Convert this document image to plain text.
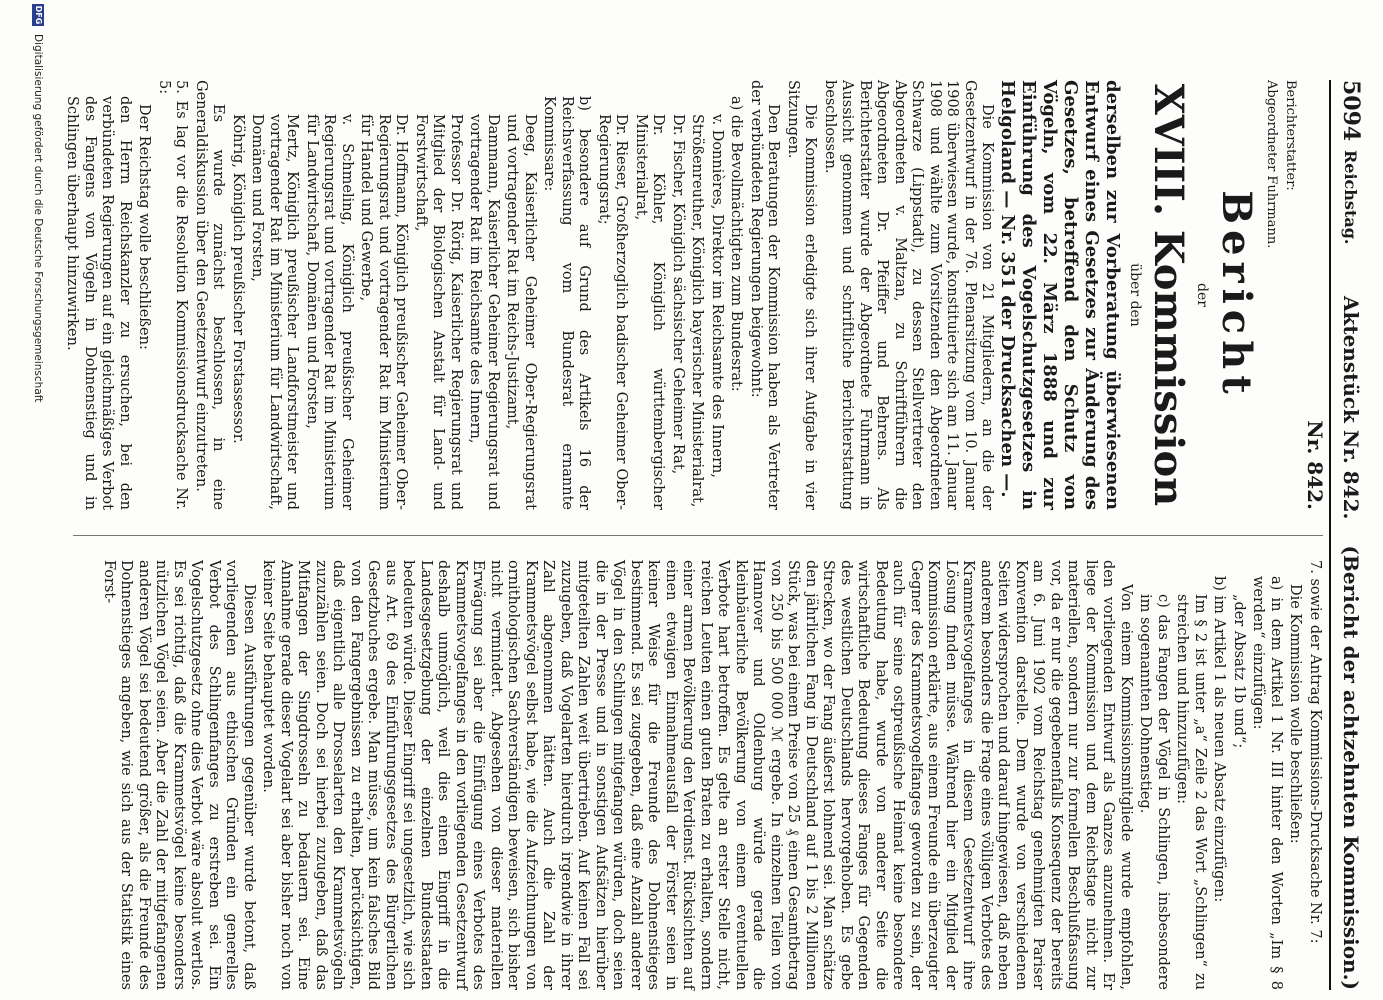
5094
Reichstag.
Aktenstück Nr. 842.
(Bericht der achtzehnten Kommission.)

Nr. 842.

Berichterstatter:

Abgeordneter Fuhrmann.

Bericht

der

XVIII. Kommission

über den

derselben zur Vorberatung überwiesenen Entwurf eines Gesetzes zur Änderung des Gesetzes, betreffend den Schutz von Vögeln, vom 22. März 1888 und zur Einführung des Vogelschutzgesetzes in Helgoland — Nr. 351 der Drucksachen —.

Die Kommission von 21 Mitgliedern, an die der Gesetzentwurf in der 76. Plenarsitzung vom 10. Januar 1908 überwiesen wurde, konstituierte sich am 11. Januar 1908 und wählte zum Vorsitzenden den Abgeordneten Schwarze (Lippstadt), zu dessen Stellvertreter den Abgeordneten v. Maltzan, zu Schriftführern die Abgeordneten Dr. Pfeiffer und Behrens. Als Berichterstatter wurde der Abgeordnete Fuhrmann in Aussicht genommen und schriftliche Berichterstattung beschlossen.

Die Kommission erledigte sich ihrer Aufgabe in vier Sitzungen.

Den Beratungen der Kommission haben als Vertreter der verbündeten Regierungen beigewohnt:

a) die Bevollmächtigten zum Bundesrat:

v. Donnières, Direktor im Reichsamte des Innern,

Strößenreuther, Königlich bayerischer Ministerialrat,

Dr. Fischer, Königlich sächsischer Geheimer Rat,

Dr. Köhler, Königlich württembergischer Ministerialrat,

Dr. Rieser, Großherzoglich badischer Geheimer Ober-Regierungsrat;

b) besondere auf Grund des Artikels 16 der Reichsverfassung vom Bundesrat ernannte Kommissare:

Deeg, Kaiserlicher Geheimer Ober-Regierungsrat und vortragender Rat im Reichs-Justizamt,

Dammann, Kaiserlicher Geheimer Regierungsrat und vortragender Rat im Reichsamte des Innern,

Professor Dr. Rörig, Kaiserlicher Regierungsrat und Mitglied der Biologischen Anstalt für Land- und Forstwirtschaft,

Dr. Hoffmann, Königlich preußischer Geheimer Ober-Regierungsrat und vortragender Rat im Ministerium für Handel und Gewerbe,

v. Schmeling, Königlich preußischer Geheimer Regierungsrat und vortragender Rat im Ministerium für Landwirtschaft, Domänen und Forsten,

Mertz, Königlich preußischer Landforstmeister und vortragender Rat im Ministerium für Landwirtschaft, Domänen und Forsten,

Köhrig, Königlich preußischer Forstassessor.

Es wurde zunächst beschlossen, in eine Generaldiskussion über den Gesetzentwurf einzutreten.

5. Es lag vor die Resolution Kommissionsdrucksache Nr. 5:

Der Reichstag wolle beschließen:

den Herrn Reichskanzler zu ersuchen, bei den verbündeten Regierungen auf ein gleichmäßiges Verbot des Fangens von Vögeln in Dohnenstieg und in Schlingen überhaupt hinzuwirken.

7. sowie der Antrag Kommissions-Drucksache Nr. 7:

Die Kommission wolle beschließen:

a) in dem Artikel 1 Nr. III hinter den Worten „Im § 8 werden“ einzufügen:

„der Absatz 1b und“;

b) im Artikel 1 als neuen Absatz einzufügen:

Im § 2 ist unter „a“ Zeile 2 das Wort „Schlingen“ zu streichen und hinzuzufügen:

c) das Fangen der Vögel in Schlingen, insbesondere im sogenannten Dohnenstieg.

Von einem Kommissionsmitgliede wurde empfohlen, den vorliegenden Entwurf als Ganzes anzunehmen. Er liege der Kommission und dem Reichstage nicht zur materiellen, sondern nur zur formellen Beschlußfassung vor, da er nur die gegebenenfalls Konsequenz der bereits am 6. Juni 1902 vom Reichstag genehmigten Pariser Konvention darstelle. Dem wurde von verschiedenen Seiten widersprochen und darauf hingewiesen, daß neben anderem besonders die Frage eines völligen Verbotes des Krammetsvogelfanges in diesem Gesetzentwurf ihre Lösung finden müsse. Während hier ein Mitglied der Kommission erklärte, aus einem Freunde ein überzeugter Gegner des Krammetsvogelfanges geworden zu sein, der auch für seine ostpreußische Heimat keine besondere Bedeutung habe, wurde von anderer Seite die wirtschaftliche Bedeutung dieses Fanges für Gegenden des westlichen Deutschlands hervorgehoben. Es gebe Strecken, wo der Fang äußerst lohnend sei. Man schätze den jährlichen Fang in Deutschland auf 1 bis 2 Millionen Stück, was bei einem Preise von 25 ₰ einen Gesamtbetrag von 250 bis 500 000 ℳ ergebe. In einzelnen Teilen von Hannover und Oldenburg würde gerade die kleinbäuerliche Bevölkerung von einem eventuellen Verbote hart betroffen. Es gelte an erster Stelle nicht, reichen Leuten einen guten Braten zu erhalten, sondern einer armen Bevölkerung den Verdienst. Rücksichten auf einen etwaigen Einnahmeausfall der Förster seien in keiner Weise für die Freunde des Dohnenstieges bestimmend. Es sei zugegeben, daß eine Anzahl anderer Vögel in den Schlingen mitgefangen würden, doch seien die in der Presse und in sonstigen Aufsätzen hierüber mitgeteilten Zahlen weit übertrieben. Auf keinen Fall sei zuzugeben, daß Vogelarten hierdurch irgendwie in ihrer Zahl abgenommen hätten. Auch die Zahl der Krammetsvögel selbst habe, wie die Aufzeichnungen von ornithologischen Sachverständigen beweisen, sich bisher nicht vermindert. Abgesehen von dieser materiellen Erwägung sei aber die Einfügung eines Verbotes des Krammetsvogelfanges in den vorliegenden Gesetzentwurf deshalb unmöglich, weil dies einen Eingriff in die Landesgesetzgebung der einzelnen Bundesstaaten bedeuten würde. Dieser Eingriff sei ungesetzlich, wie sich aus Art. 69 des Einführungsgesetzes des Bürgerlichen Gesetzbuches ergebe. Man müsse, um kein falsches Bild von den Fangergebnissen zu erhalten, berücksichtigen, daß eigentlich alle Drosselarten den Krammetsvögeln zuzuzählen seien. Doch sei hierbei zuzugeben, daß das Mitfangen der Singdrosseln zu bedauern sei. Eine Annahme gerade dieser Vogelart sei aber bisher noch von keiner Seite behauptet worden.

Diesen Ausführungen gegenüber wurde betont, daß vorliegenden aus ethischen Gründen ein generelles Verbot des Schlingenfanges zu erstreben sei. Ein Vogelschutzgesetz ohne dies Verbot wäre absolut wertlos. Es sei richtig, daß die Krammetsvögel keine besonders nützlichen Vögel seien. Aber die Zahl der mitgefangenen anderen Vögel sei bedeutend größer, als die Freunde des Dohnenstieges angeben, wie sich aus der Statistik eines Forst-

DFG
Digitalisierung gefördert durch die Deutsche Forschungsgemeinschaft
